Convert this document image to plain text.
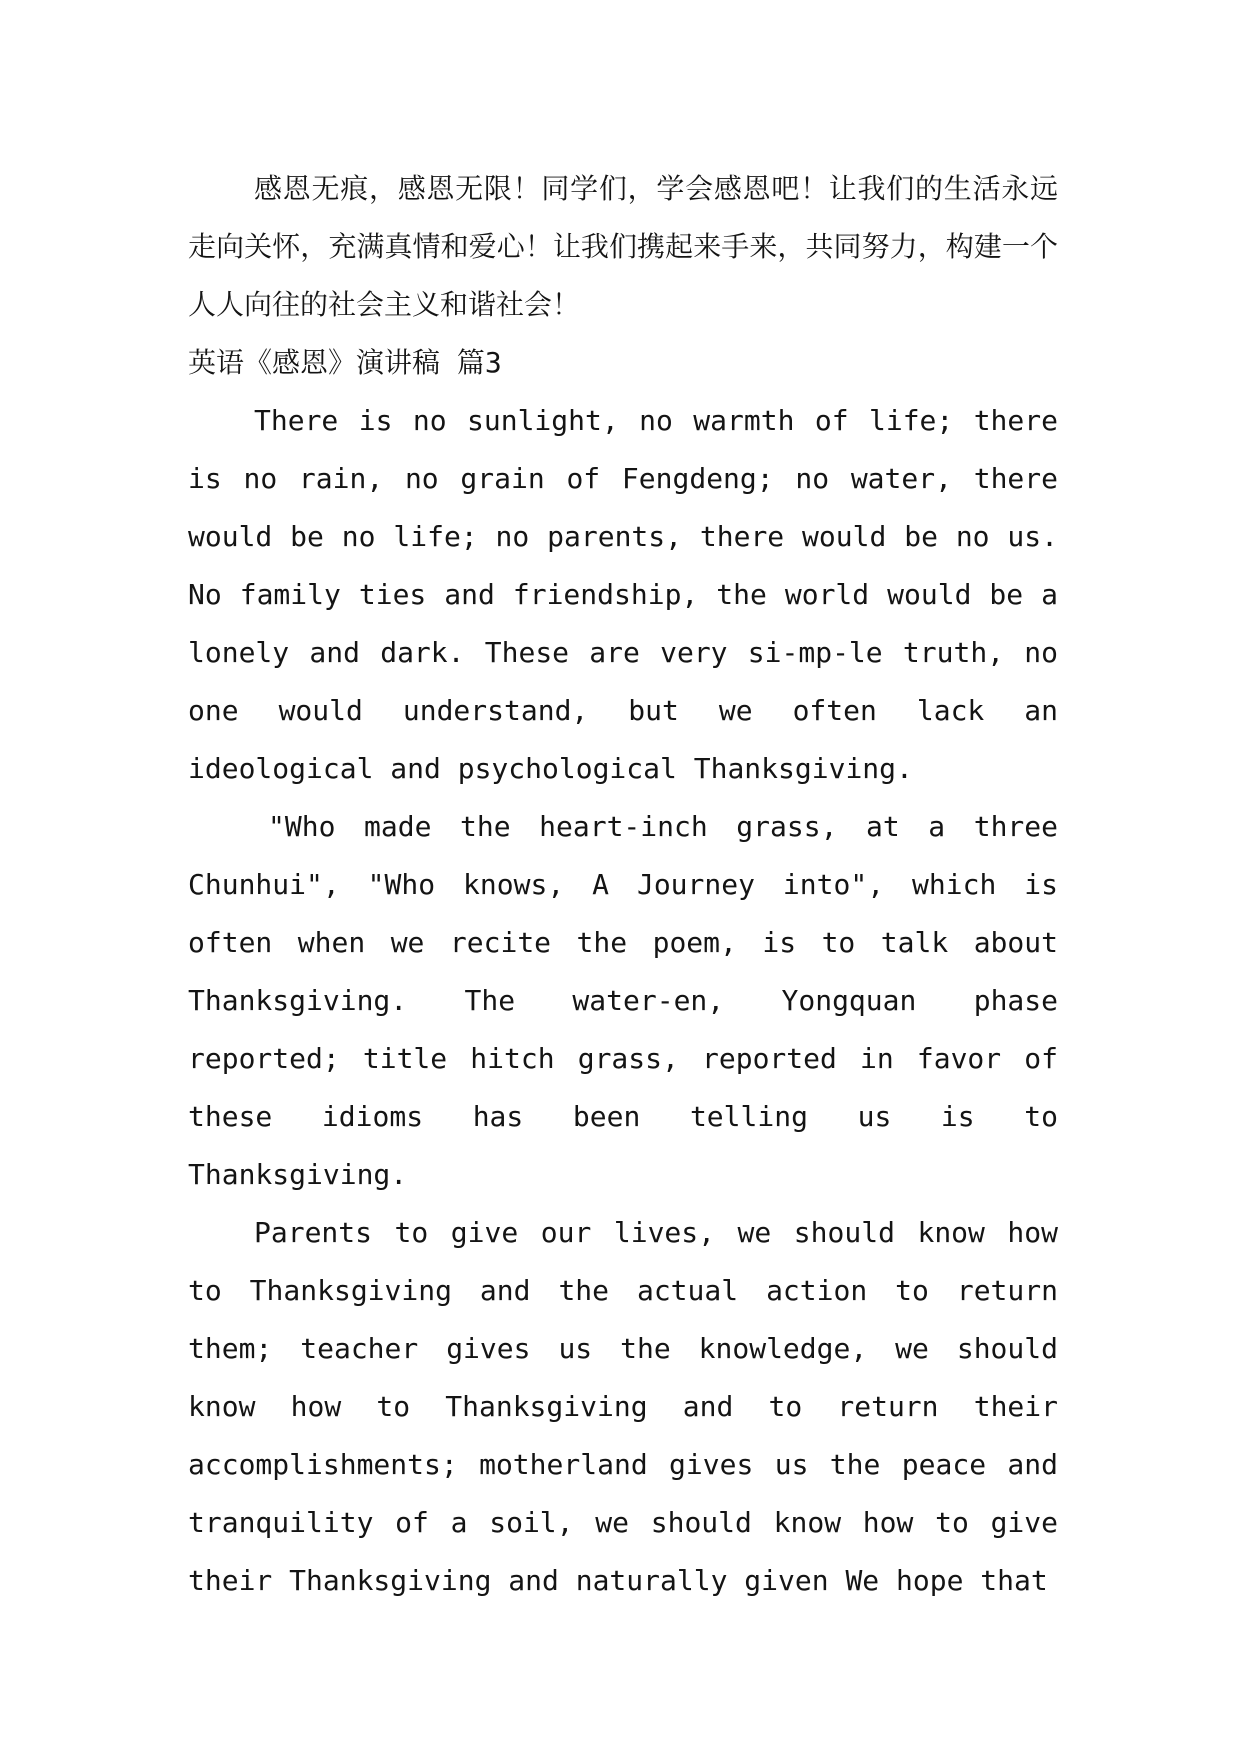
感恩无痕，感恩无限！同学们，学会感恩吧！让我们的生活永远走向关怀，充满真情和爱心！让我们携起来手来，共同努力，构建一个人人向往的社会主义和谐社会！

英语《感恩》演讲稿 篇3

There is no sunlight, no warmth of life; there is no rain, no grain of Fengdeng; no water, there would be no life; no parents, there would be no us. No family ties and friendship, the world would be a lonely and dark. These are very si-mp-le truth, no one would understand, but we often lack an ideological and psychological Thanksgiving.

"Who made the heart-inch grass, at a three Chunhui", "Who knows, A Journey into", which is often when we recite the poem, is to talk about Thanksgiving. The water-en, Yongquan phase reported; title hitch grass, reported in favor of these idioms has been telling us is to Thanksgiving.

Parents to give our lives, we should know how to Thanksgiving and the actual action to return them; teacher gives us the knowledge, we should know how to Thanksgiving and to return their accomplishments; motherland gives us the peace and tranquility of a soil, we should know how to give their Thanksgiving and naturally given We hope that
